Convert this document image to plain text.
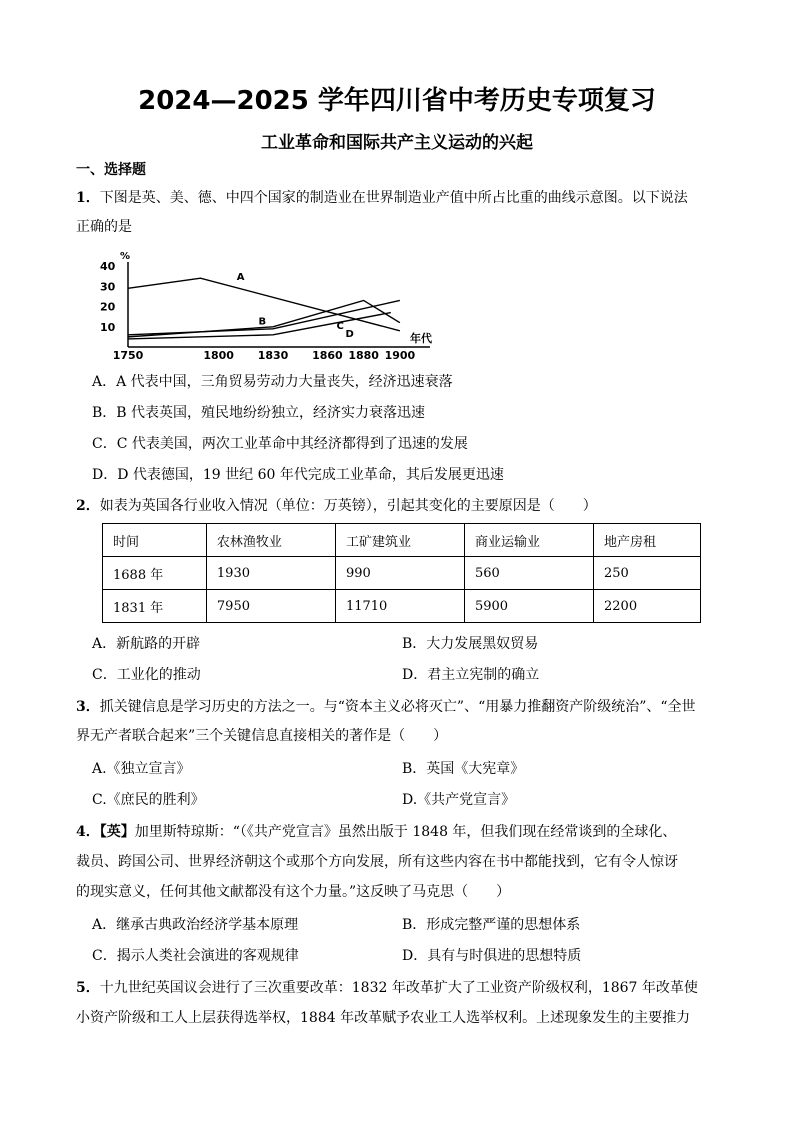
2024—2025 学年四川省中考历史专项复习
工业革命和国际共产主义运动的兴起
一、选择题
1．下图是英、美、德、中四个国家的制造业在世界制造业产值中所占比重的曲线示意图。以下说法
正确的是
40
30
20
10
%
1750	1800 1830 1860 1880 1900
年代
A
B	C
D
A．A 代表中国，三角贸易劳动力大量丧失，经济迅速衰落
B．B 代表英国，殖民地纷纷独立，经济实力衰落迅速
C．C 代表美国，两次工业革命中其经济都得到了迅速的发展
D．D 代表德国，19 世纪 60 年代完成工业革命，其后发展更迅速
2．如表为英国各行业收入情况（单位：万英镑），引起其变化的主要原因是（　　）
时间	农林渔牧业	工矿建筑业	商业运输业	地产房租
1688 年	1930	990	560	250
1831 年	7950	11710	5900	2200
A．新航路的开辟	B．大力发展黑奴贸易
C．工业化的推动	D．君主立宪制的确立
3．抓关键信息是学习历史的方法之一。与“资本主义必将灭亡”、“用暴力推翻资产阶级统治”、“全世
界无产者联合起来”三个关键信息直接相关的著作是（　　）
A.《独立宣言》	B．英国《大宪章》
C.《庶民的胜利》	D.《共产党宣言》
4．【英】加里斯特琼斯：“（《共产党宣言》虽然出版于 1848 年，但我们现在经常谈到的全球化、
裁员、跨国公司、世界经济朝这个或那个方向发展，所有这些内容在书中都能找到，它有令人惊讶
的现实意义，任何其他文献都没有这个力量。”这反映了马克思（　　）
A．继承古典政治经济学基本原理	B．形成完整严谨的思想体系
C．揭示人类社会演进的客观规律	D．具有与时俱进的思想特质
5．十九世纪英国议会进行了三次重要改革：1832 年改革扩大了工业资产阶级权利，1867 年改革使
小资产阶级和工人上层获得选举权，1884 年改革赋予农业工人选举权利。上述现象发生的主要推力
